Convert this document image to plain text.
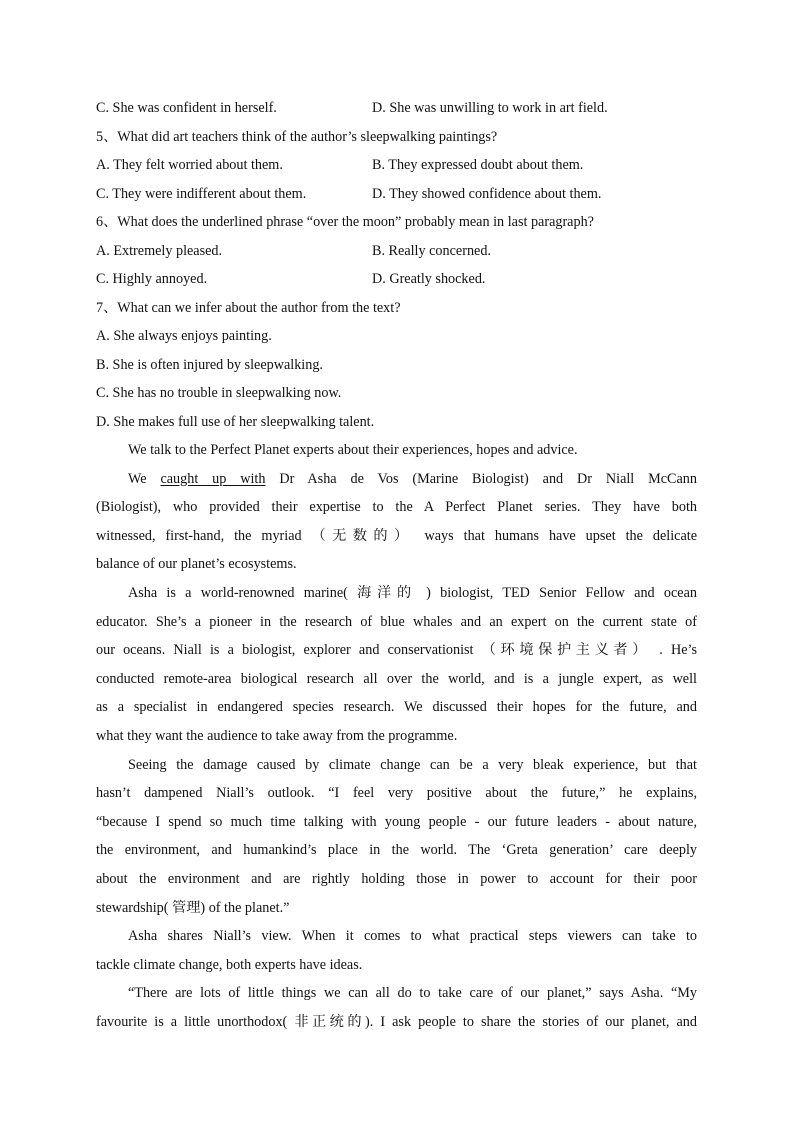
C. She was confident in herself.	D. She was unwilling to work in art field.
5、What did art teachers think of the author’s sleepwalking paintings?
A. They felt worried about them.	B. They expressed doubt about them.
C. They were indifferent about them.	D. They showed confidence about them.
6、What does the underlined phrase “over the moon” probably mean in last paragraph?
A. Extremely pleased.	B. Really concerned.
C. Highly annoyed.	D. Greatly shocked.
7、What can we infer about the author from the text?
A. She always enjoys painting.
B. She is often injured by sleepwalking.
C. She has no trouble in sleepwalking now.
D. She makes full use of her sleepwalking talent.
We talk to the Perfect Planet experts about their experiences, hopes and advice.
We caught up with Dr Asha de Vos (Marine Biologist) and Dr Niall McCann
(Biologist), who provided their expertise to the A Perfect Planet series. They have both
witnessed, first-hand, the myriad （无数的） ways that humans have upset the delicate
balance of our planet’s ecosystems.
Asha is a world-renowned marine( 海洋的 ) biologist, TED Senior Fellow and ocean
educator. She’s a pioneer in the research of blue whales and an expert on the current state of
our oceans. Niall is a biologist, explorer and conservationist （环境保护主义者） . He’s
conducted remote-area biological research all over the world, and is a jungle expert, as well
as a specialist in endangered species research. We discussed their hopes for the future, and
what they want the audience to take away from the programme.
Seeing the damage caused by climate change can be a very bleak experience, but that
hasn’t dampened Niall’s outlook. “I feel very positive about the future,” he explains,
“because I spend so much time talking with young people - our future leaders - about nature,
the environment, and humankind’s place in the world. The ‘Greta generation’ care deeply
about the environment and are rightly holding those in power to account for their poor
stewardship( 管理) of the planet.”
Asha shares Niall’s view. When it comes to what practical steps viewers can take to
tackle climate change, both experts have ideas.
“There are lots of little things we can all do to take care of our planet,” says Asha. “My
favourite is a little unorthodox( 非正统的). I ask people to share the stories of our planet, and
